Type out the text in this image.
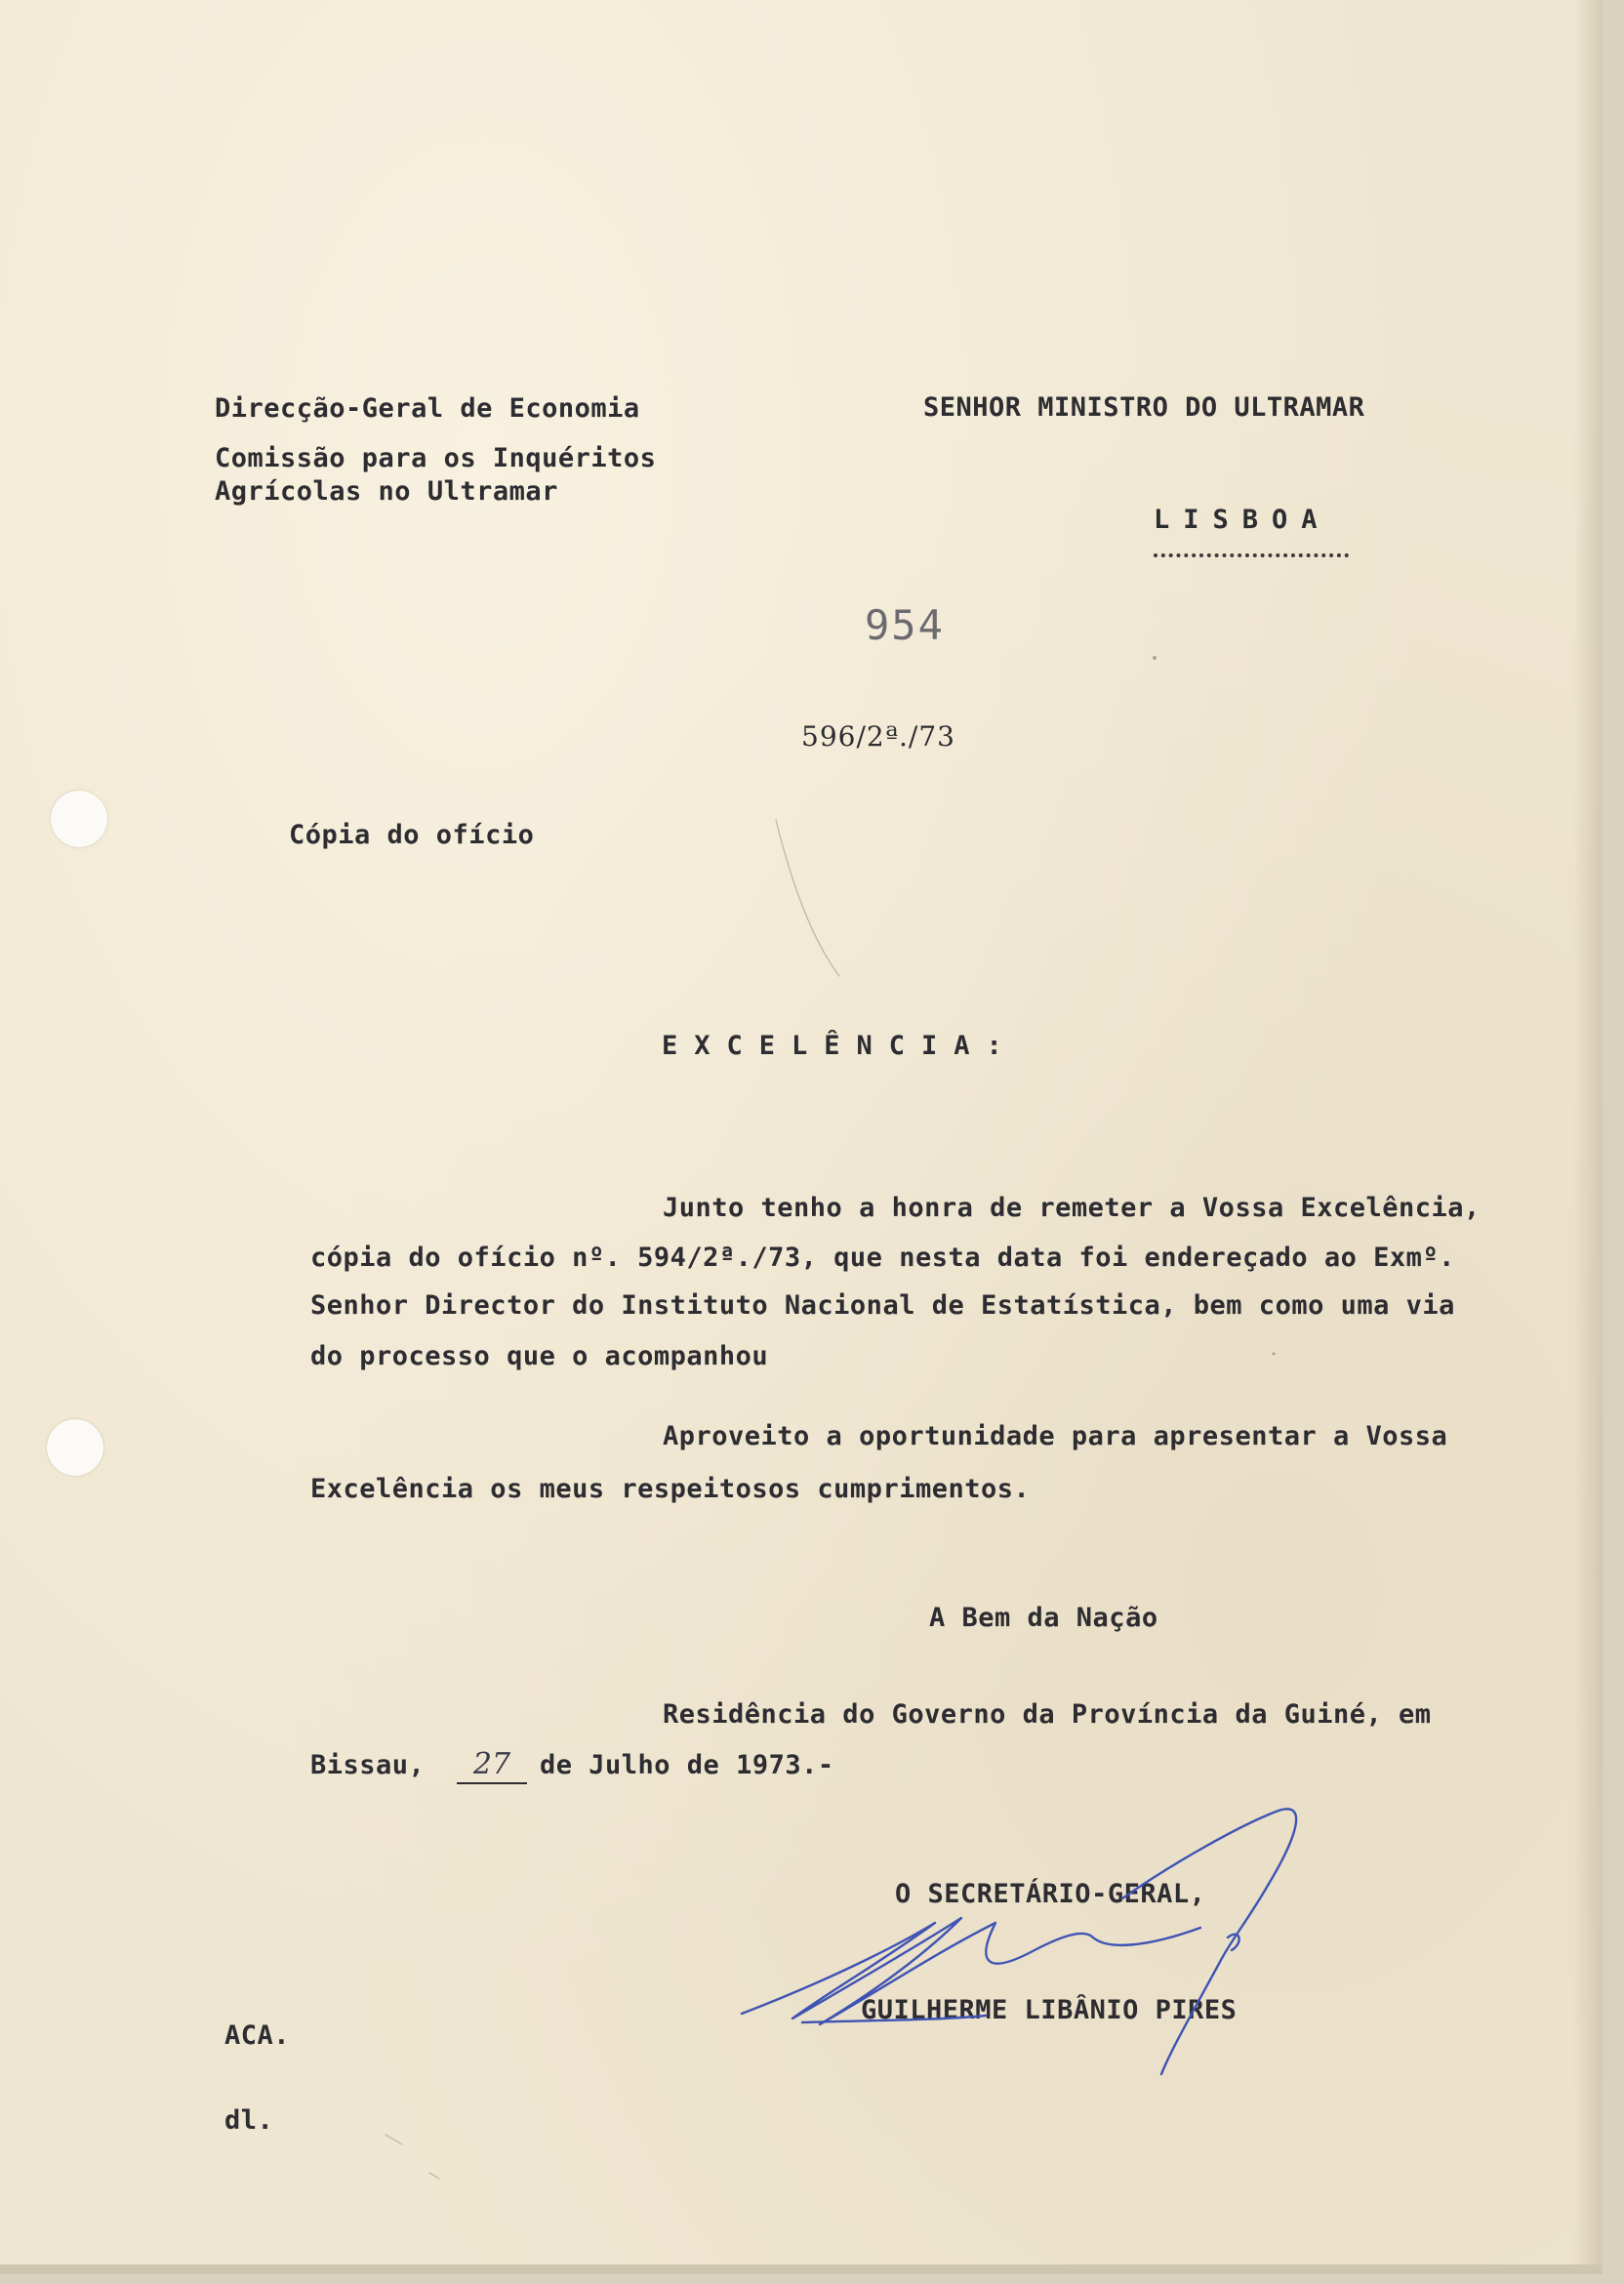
Direcção-Geral de Economia
Comissão para os Inquéritos
Agrícolas no Ultramar
SENHOR MINISTRO DO ULTRAMAR
LISBOA
954
596/2ª./73
Cópia do ofício
EXCELÊNCIA:
Junto tenho a honra de remeter a Vossa Excelência,
cópia do ofício nº. 594/2ª./73, que nesta data foi endereçado ao Exmº.
Senhor Director do Instituto Nacional de Estatística, bem como uma via
do processo que o acompanhou
Aproveito a oportunidade para apresentar a Vossa
Excelência os meus respeitosos cumprimentos.
A Bem da Nação
Residência do Governo da Província da Guiné, em
Bissau,	27	de Julho de 1973.-
O SECRETÁRIO-GERAL,
GUILHERME LIBÂNIO PIRES
ACA.
dl.
